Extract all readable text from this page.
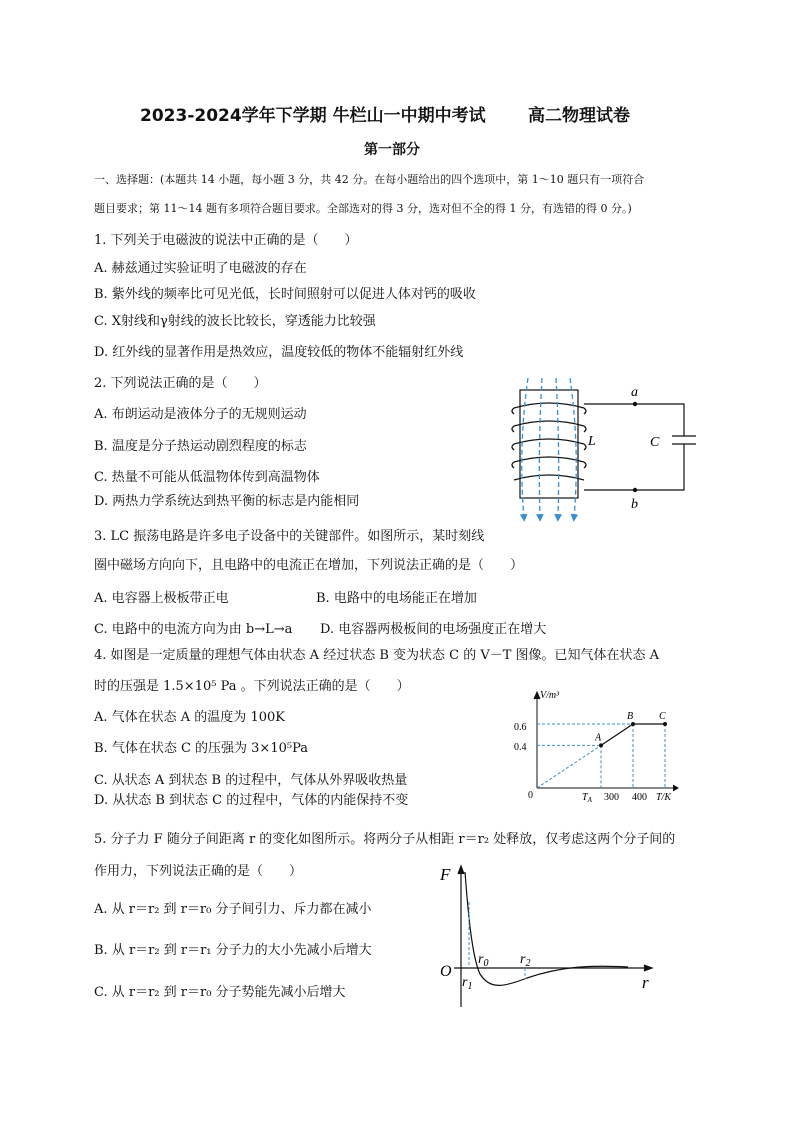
2023-2024学年下学期 牛栏山一中期中考试 高二物理试卷
第一部分
一、选择题：(本题共 14 小题，每小题 3 分，共 42 分。在每小题给出的四个选项中，第 1～10 题只有一项符合
题目要求；第 11～14 题有多项符合题目要求。全部选对的得 3 分，选对但不全的得 1 分，有选错的得 0 分。)
1. 下列关于电磁波的说法中正确的是（　　）
A. 赫兹通过实验证明了电磁波的存在
B. 紫外线的频率比可见光低，长时间照射可以促进人体对钙的吸收
C. X射线和γ射线的波长比较长，穿透能力比较强
D. 红外线的显著作用是热效应，温度较低的物体不能辐射红外线
2. 下列说法正确的是（　　）
A. 布朗运动是液体分子的无规则运动
B. 温度是分子热运动剧烈程度的标志
C. 热量不可能从低温物体传到高温物体
D. 两热力学系统达到热平衡的标志是内能相同
a
b
L	C
3. LC 振荡电路是许多电子设备中的关键部件。如图所示，某时刻线
圈中磁场方向向下，且电路中的电流正在增加，下列说法正确的是（　　）
A. 电容器上极板带正电	B. 电路中的电场能正在增加
C. 电路中的电流方向为由 b→L→a D. 电容器两极板间的电场强度正在增大
4. 如图是一定质量的理想气体由状态 A 经过状态 B 变为状态 C 的 V－T 图像。已知气体在状态 A
时的压强是 1.5×10⁵ Pa 。下列说法正确的是（　　）
A. 气体在状态 A 的温度为 100K
B. 气体在状态 C 的压强为 3×10⁵Pa
C. 从状态 A 到状态 B 的过程中，气体从外界吸收热量
D. 从状态 B 到状态 C 的过程中，气体的内能保持不变
A
B	C
V/m³
T/K
0
0.6
0.4
$T_A$ 300 400
5. 分子力 F 随分子间距离 r 的变化如图所示。将两分子从相距 r＝r₂ 处释放，仅考虑这两个分子间的
作用力，下列说法正确的是（　　）
A. 从 r＝r₂ 到 r＝r₀ 分子间引力、斥力都在减小
B. 从 r＝r₂ 到 r＝r₁ 分子力的大小先减小后增大
C. 从 r＝r₂ 到 r＝r₀ 分子势能先减小后增大
F
O
r
$r_0$
$r_1$
$r_2$
